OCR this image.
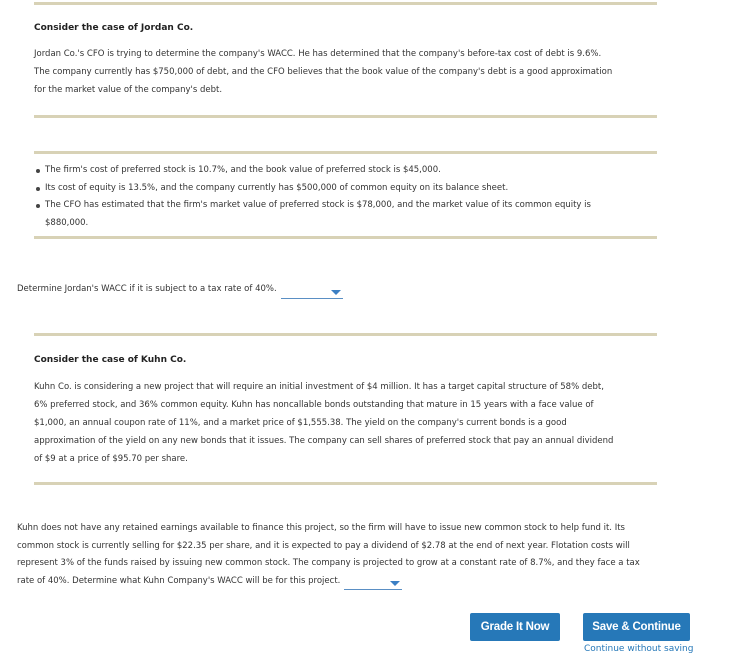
Consider the case of Jordan Co.

Jordan Co.'s CFO is trying to determine the company's WACC. He has determined that the company's before-tax cost of debt is 9.6%.

The company currently has $750,000 of debt, and the CFO believes that the book value of the company's debt is a good approximation

for the market value of the company's debt.

The firm's cost of preferred stock is 10.7%, and the book value of preferred stock is $45,000.
Its cost of equity is 13.5%, and the company currently has $500,000 of common equity on its balance sheet.
The CFO has estimated that the firm's market value of preferred stock is $78,000, and the market value of its common equity is
$880,000.
Determine Jordan's WACC if it is subject to a tax rate of 40%.
Consider the case of Kuhn Co.

Kuhn Co. is considering a new project that will require an initial investment of $4 million. It has a target capital structure of 58% debt,

6% preferred stock, and 36% common equity. Kuhn has noncallable bonds outstanding that mature in 15 years with a face value of

$1,000, an annual coupon rate of 11%, and a market price of $1,555.38. The yield on the company's current bonds is a good

approximation of the yield on any new bonds that it issues. The company can sell shares of preferred stock that pay an annual dividend

of $9 at a price of $95.70 per share.

Kuhn does not have any retained earnings available to finance this project, so the firm will have to issue new common stock to help fund it. Its
common stock is currently selling for $22.35 per share, and it is expected to pay a dividend of $2.78 at the end of next year. Flotation costs will
represent 3% of the funds raised by issuing new common stock. The company is projected to grow at a constant rate of 8.7%, and they face a tax
rate of 40%. Determine what Kuhn Company's WACC will be for this project.
Grade It Now	Save & Continue
Continue without saving
